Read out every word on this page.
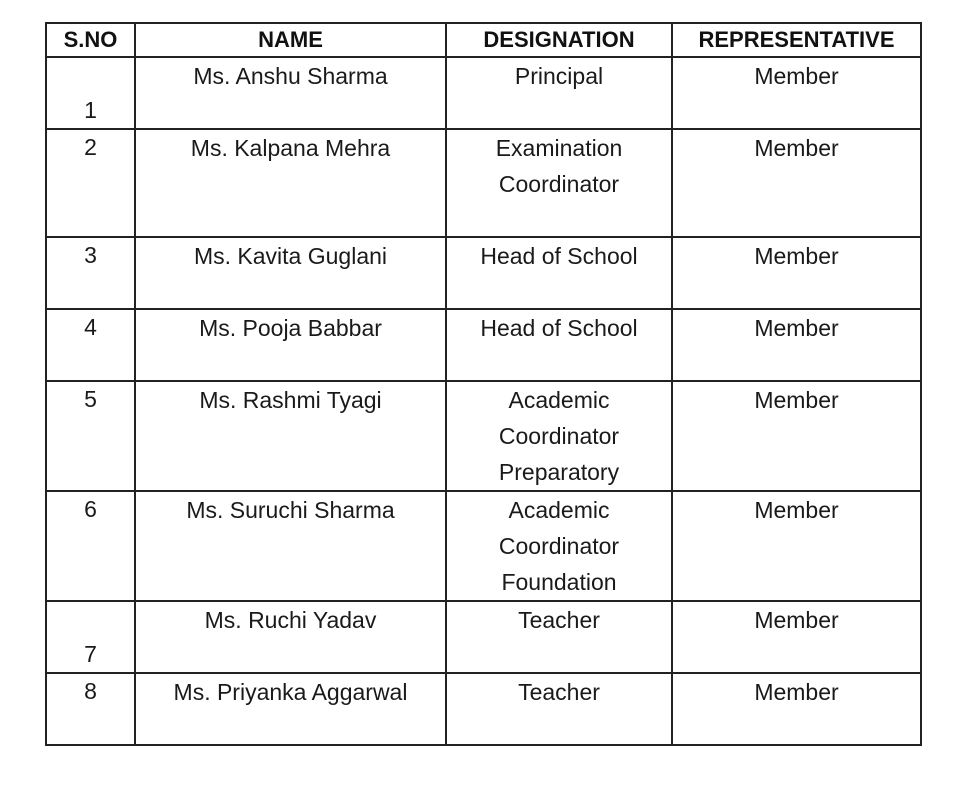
S.NO	NAME	DESIGNATION	REPRESENTATIVE
1	Ms. Anshu Sharma	Principal	Member

2	Ms. Kalpana Mehra	Examination
Coordinator	Member

3	Ms. Kavita Guglani	Head of School	Member

4	Ms. Pooja Babbar	Head of School	Member

5	Ms. Rashmi Tyagi	Academic
Coordinator
Preparatory	Member

6	Ms. Suruchi Sharma	Academic
Coordinator
Foundation	Member

7	Ms. Ruchi Yadav	Teacher	Member

8	Ms. Priyanka Aggarwal	Teacher	Member
